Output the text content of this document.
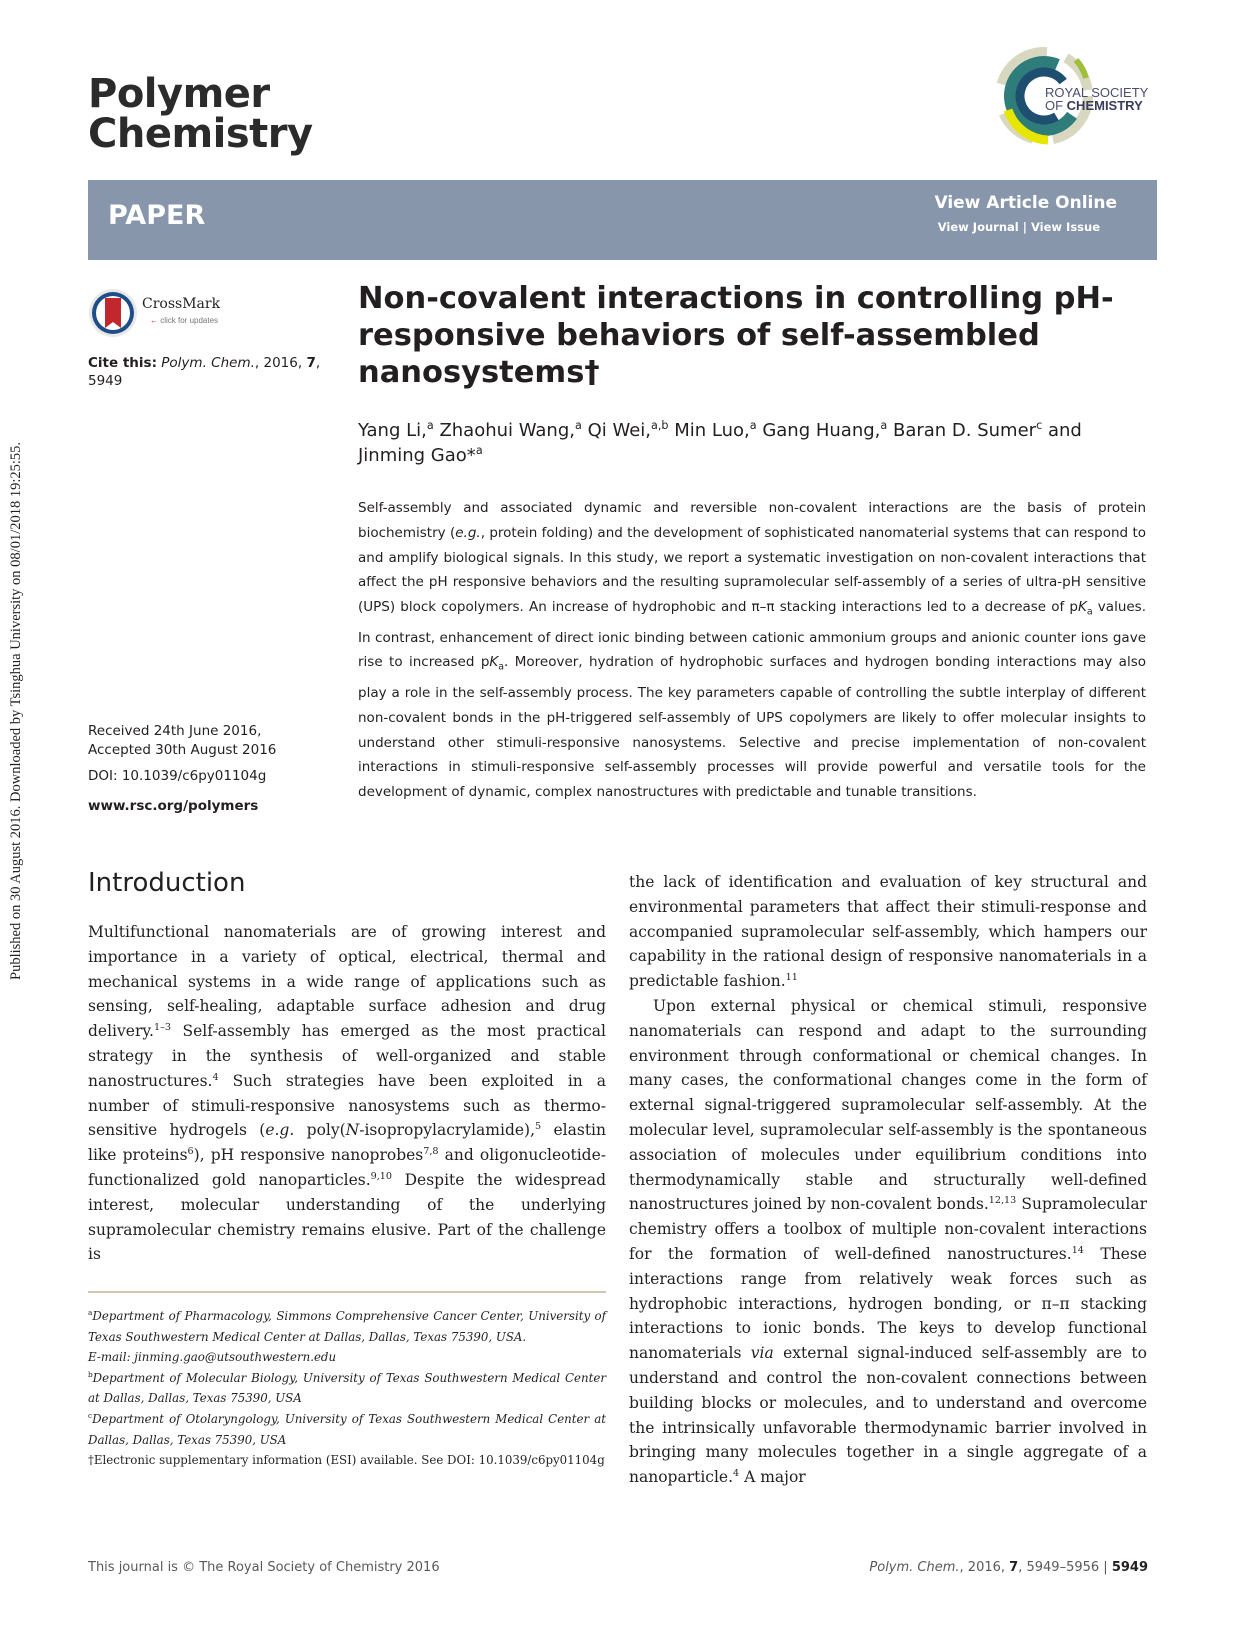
Published on 30 August 2016. Downloaded by Tsinghua University on 08/01/2018 19:25:55.
Polymer
Chemistry
ROYAL SOCIETY
OF CHEMISTRY
PAPER	View Article Online
View Journal | View Issue
CrossMark
← click for updates
Cite this: Polym. Chem., 2016, 7,
5949
Received 24th June 2016,
Accepted 30th August 2016
DOI: 10.1039/c6py01104g
www.rsc.org/polymers
Non-covalent interactions in controlling pH-responsive behaviors of self-assembled nanosystems†
Yang Li,$^a$ Zhaohui Wang,$^a$ Qi Wei,$^{a,b}$ Min Luo,$^a$ Gang Huang,$^a$ Baran D. Sumer$^c$ and
Jinming Gao*$^a$
Self-assembly and associated dynamic and reversible non-covalent interactions are the basis of protein biochemistry (e.g., protein folding) and the development of sophisticated nanomaterial systems that can respond to and amplify biological signals. In this study, we report a systematic investigation on non-covalent interactions that affect the pH responsive behaviors and the resulting supramolecular self-assembly of a series of ultra-pH sensitive (UPS) block copolymers. An increase of hydrophobic and π–π stacking interactions led to a decrease of $pK_a$ values. In contrast, enhancement of direct ionic binding between cationic ammonium groups and anionic counter ions gave rise to increased $pK_a$. Moreover, hydration of hydrophobic surfaces and hydrogen bonding interactions may also play a role in the self-assembly process. The key parameters capable of controlling the subtle interplay of different non-covalent bonds in the pH-triggered self-assembly of UPS copolymers are likely to offer molecular insights to understand other stimuli-responsive nanosystems. Selective and precise implementation of non-covalent interactions in stimuli-responsive self-assembly processes will provide powerful and versatile tools for the development of dynamic, complex nanostructures with predictable and tunable transitions.
Introduction

Multifunctional nanomaterials are of growing interest and importance in a variety of optical, electrical, thermal and mechanical systems in a wide range of applications such as sensing, self-healing, adaptable surface adhesion and drug delivery.$^{1-3}$ Self-assembly has emerged as the most practical strategy in the synthesis of well-organized and stable nanostructures.$^4$ Such strategies have been exploited in a number of stimuli-responsive nanosystems such as thermo-sensitive hydrogels (e.g. poly(N-isopropylacrylamide),$^5$ elastin like proteins$^6$), pH responsive nanoprobes$^{7,8}$ and oligonucleotide-functionalized gold nanoparticles.$^{9,10}$ Despite the widespread interest, molecular understanding of the underlying supramolecular chemistry remains elusive. Part of the challenge is

$^a$Department of Pharmacology, Simmons Comprehensive Cancer Center, University of Texas Southwestern Medical Center at Dallas, Dallas, Texas 75390, USA.

E-mail: jinming.gao@utsouthwestern.edu

$^b$Department of Molecular Biology, University of Texas Southwestern Medical Center at Dallas, Dallas, Texas 75390, USA

$^c$Department of Otolaryngology, University of Texas Southwestern Medical Center at Dallas, Dallas, Texas 75390, USA

†Electronic supplementary information (ESI) available. See DOI: 10.1039/c6py01104g

the lack of identification and evaluation of key structural and environmental parameters that affect their stimuli-response and accompanied supramolecular self-assembly, which hampers our capability in the rational design of responsive nanomaterials in a predictable fashion.$^{11}$

Upon external physical or chemical stimuli, responsive nanomaterials can respond and adapt to the surrounding environment through conformational or chemical changes. In many cases, the conformational changes come in the form of external signal-triggered supramolecular self-assembly. At the molecular level, supramolecular self-assembly is the spontaneous association of molecules under equilibrium conditions into thermodynamically stable and structurally well-defined nanostructures joined by non-covalent bonds.$^{12,13}$ Supramolecular chemistry offers a toolbox of multiple non-covalent interactions for the formation of well-defined nanostructures.$^{14}$ These interactions range from relatively weak forces such as hydrophobic interactions, hydrogen bonding, or π–π stacking interactions to ionic bonds. The keys to develop functional nanomaterials via external signal-induced self-assembly are to understand and control the non-covalent connections between building blocks or molecules, and to understand and overcome the intrinsically unfavorable thermodynamic barrier involved in bringing many molecules together in a single aggregate of a nanoparticle.$^4$ A major

This journal is © The Royal Society of Chemistry 2016	Polym. Chem., 2016, 7, 5949–5956 | 5949
